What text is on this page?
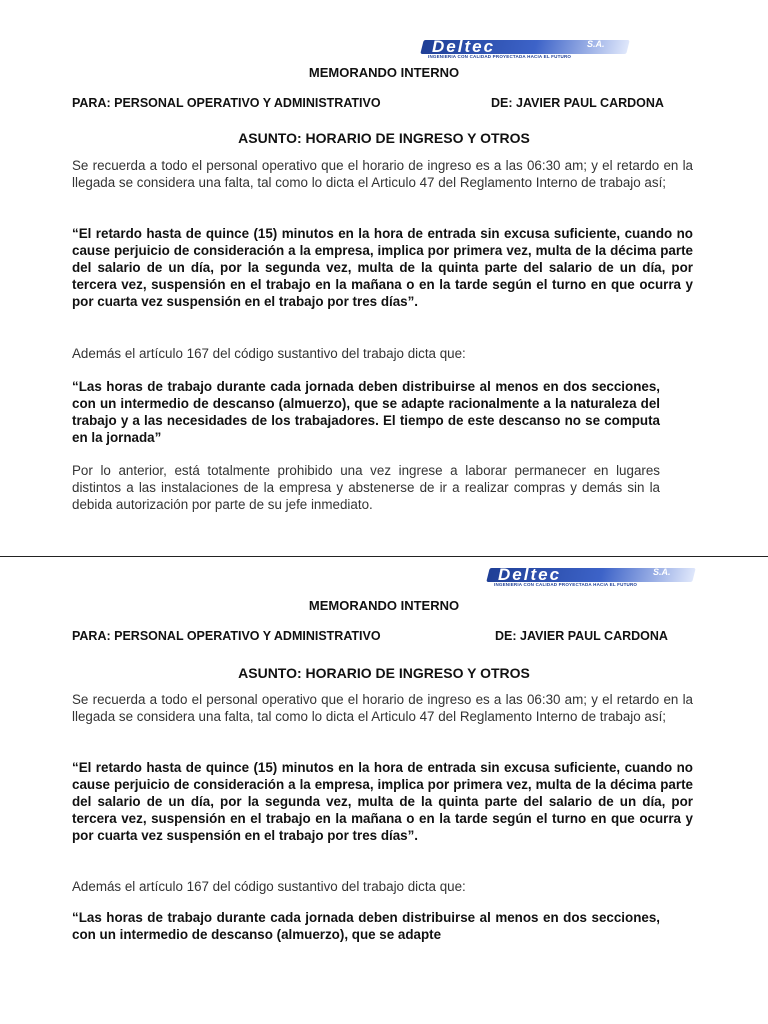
Deltec	S.A.
INGENIERIA CON CALIDAD PROYECTADA HACIA EL FUTURO
MEMORANDO INTERNO
PARA: PERSONAL OPERATIVO Y ADMINISTRATIVO	DE: JAVIER PAUL CARDONA
ASUNTO: HORARIO DE INGRESO Y OTROS

Se recuerda a todo el personal operativo que el horario de ingreso es a las 06:30 am; y el retardo en la llegada se considera una falta, tal como lo dicta el Articulo 47 del Reglamento Interno de trabajo así;

“El retardo hasta de quince (15) minutos en la hora de entrada sin excusa suficiente, cuando no cause perjuicio de consideración a la empresa, implica por primera vez, multa de la décima parte del salario de un día, por la segunda vez, multa de la quinta parte del salario de un día, por tercera vez, suspensión en el trabajo en la mañana o en la tarde según el turno en que ocurra y por cuarta vez suspensión en el trabajo por tres días”.

Además el artículo 167 del código sustantivo del trabajo dicta que:

“Las horas de trabajo durante cada jornada deben distribuirse al menos en dos secciones, con un intermedio de descanso (almuerzo), que se adapte racionalmente a la naturaleza del trabajo y a las necesidades de los trabajadores. El tiempo de este descanso no se computa en la jornada”

Por lo anterior, está totalmente prohibido una vez ingrese a laborar permanecer en lugares distintos a las instalaciones de la empresa y abstenerse de ir a realizar compras y demás sin la debida autorización por parte de su jefe inmediato.

Deltec	S.A.
INGENIERIA CON CALIDAD PROYECTADA HACIA EL FUTURO
MEMORANDO INTERNO
PARA: PERSONAL OPERATIVO Y ADMINISTRATIVO	DE: JAVIER PAUL CARDONA
ASUNTO: HORARIO DE INGRESO Y OTROS

Se recuerda a todo el personal operativo que el horario de ingreso es a las 06:30 am; y el retardo en la llegada se considera una falta, tal como lo dicta el Articulo 47 del Reglamento Interno de trabajo así;

“El retardo hasta de quince (15) minutos en la hora de entrada sin excusa suficiente, cuando no cause perjuicio de consideración a la empresa, implica por primera vez, multa de la décima parte del salario de un día, por la segunda vez, multa de la quinta parte del salario de un día, por tercera vez, suspensión en el trabajo en la mañana o en la tarde según el turno en que ocurra y por cuarta vez suspensión en el trabajo por tres días”.

Además el artículo 167 del código sustantivo del trabajo dicta que:

“Las horas de trabajo durante cada jornada deben distribuirse al menos en dos secciones, con un intermedio de descanso (almuerzo), que se adapte
